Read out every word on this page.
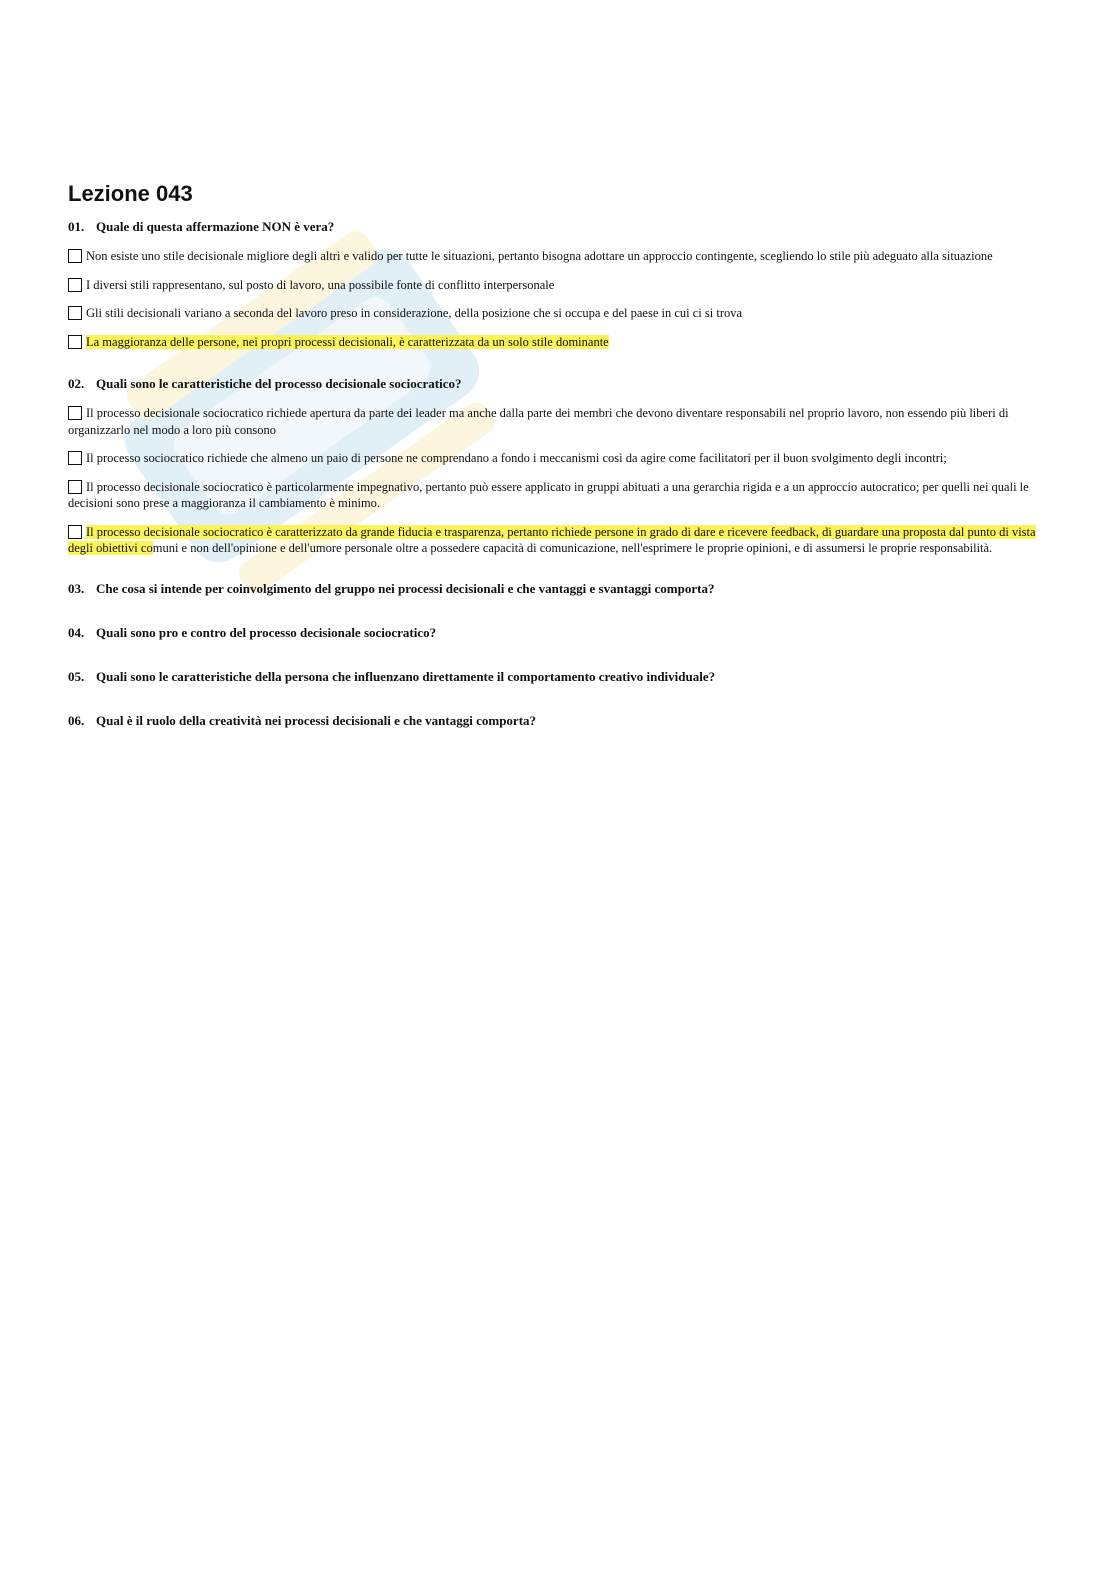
Lezione 043
01. Quale di questa affermazione NON è vera?
Non esiste uno stile decisionale migliore degli altri e valido per tutte le situazioni, pertanto bisogna adottare un approccio contingente, scegliendo lo stile più adeguato alla situazione
I diversi stili rappresentano, sul posto di lavoro, una possibile fonte di conflitto interpersonale
Gli stili decisionali variano a seconda del lavoro preso in considerazione, della posizione che si occupa e del paese in cui ci si trova
La maggioranza delle persone, nei propri processi decisionali, è caratterizzata da un solo stile dominante
02. Quali sono le caratteristiche del processo decisionale sociocratico?
Il processo decisionale sociocratico richiede apertura da parte dei leader ma anche dalla parte dei membri che devono diventare responsabili nel proprio lavoro, non essendo più liberi di organizzarlo nel modo a loro più consono
Il processo sociocratico richiede che almeno un paio di persone ne comprendano a fondo i meccanismi così da agire come facilitatori per il buon svolgimento degli incontri;
Il processo decisionale sociocratico è particolarmente impegnativo, pertanto può essere applicato in gruppi abituati a una gerarchia rigida e a un approccio autocratico; per quelli nei quali le decisioni sono prese a maggioranza il cambiamento è minimo.
Il processo decisionale sociocratico è caratterizzato da grande fiducia e trasparenza, pertanto richiede persone in grado di dare e ricevere feedback, di guardare una proposta dal punto di vista degli obiettivi comuni e non dell'opinione e dell'umore personale oltre a possedere capacità di comunicazione, nell'esprimere le proprie opinioni, e di assumersi le proprie responsabilità.
03. Che cosa si intende per coinvolgimento del gruppo nei processi decisionali e che vantaggi e svantaggi comporta?
04. Quali sono pro e contro del processo decisionale sociocratico?
05. Quali sono le caratteristiche della persona che influenzano direttamente il comportamento creativo individuale?
06. Qual è il ruolo della creatività nei processi decisionali e che vantaggi comporta?
